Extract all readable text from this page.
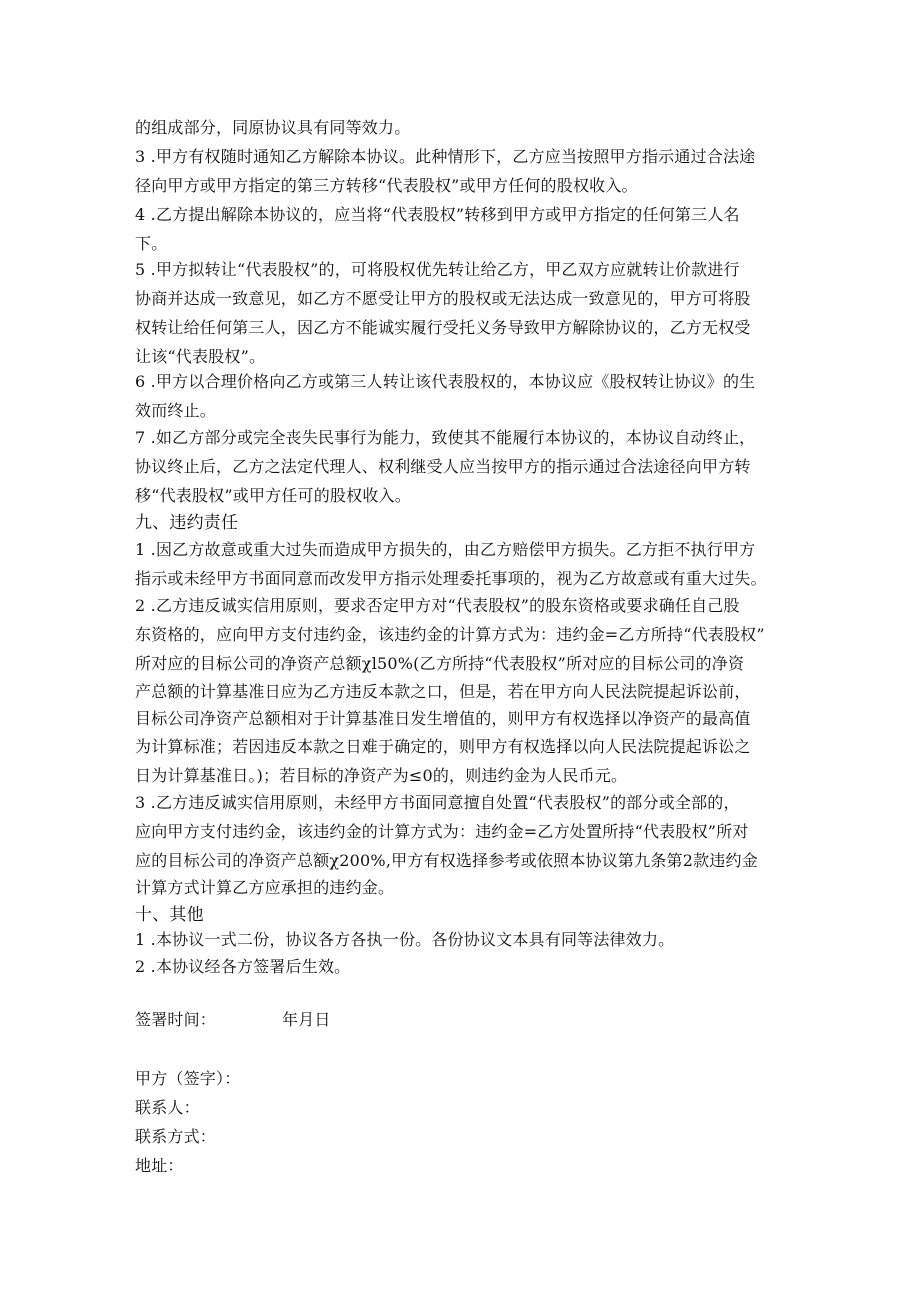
的组成部分，同原协议具有同等效力。
3 .甲方有权随时通知乙方解除本协议。此种情形下，乙方应当按照甲方指示通过合法途
径向甲方或甲方指定的第三方转移“代表股权”或甲方任何的股权收入。
4 .乙方提出解除本协议的，应当将“代表股权”转移到甲方或甲方指定的任何第三人名
下。
5 .甲方拟转让“代表股权”的，可将股权优先转让给乙方，甲乙双方应就转让价款进行
协商并达成一致意见，如乙方不愿受让甲方的股权或无法达成一致意见的，甲方可将股
权转让给任何第三人，因乙方不能诚实履行受托义务导致甲方解除协议的，乙方无权受
让该“代表股权”。
6 .甲方以合理价格向乙方或第三人转让该代表股权的，本协议应《股权转让协议》的生
效而终止。
7 .如乙方部分或完全丧失民事行为能力，致使其不能履行本协议的，本协议自动终止，
协议终止后，乙方之法定代理人、权利继受人应当按甲方的指示通过合法途径向甲方转
移“代表股权”或甲方任可的股权收入。
九、违约责任
1 .因乙方故意或重大过失而造成甲方损失的，由乙方赔偿甲方损失。乙方拒不执行甲方
指示或未经甲方书面同意而改发甲方指示处理委托事项的，视为乙方故意或有重大过失。
2 .乙方违反诚实信用原则，要求否定甲方对“代表股权”的股东资格或要求确任自己股
东资格的，应向甲方支付违约金，该违约金的计算方式为：违约金=乙方所持“代表股权”
所对应的目标公司的净资产总额χl50%(乙方所持“代表股权”所对应的目标公司的净资
产总额的计算基准日应为乙方违反本款之口，但是，若在甲方向人民法院提起诉讼前，
目标公司净资产总额相对于计算基准日发生增值的，则甲方有权选择以净资产的最高值
为计算标准；若因违反本款之日难于确定的，则甲方有权选择以向人民法院提起诉讼之
日为计算基准日。)；若目标的净资产为≤0的，则违约金为人民币元。
3 .乙方违反诚实信用原则，未经甲方书面同意擅自处置“代表股权”的部分或全部的，
应向甲方支付违约金，该违约金的计算方式为：违约金=乙方处置所持“代表股权”所对
应的目标公司的净资产总额χ200%,甲方有权选择参考或依照本协议第九条第2款违约金
计算方式计算乙方应承担的违约金。
十、其他
1 .本协议一式二份，协议各方各执一份。各份协议文本具有同等法律效力。
2 .本协议经各方签署后生效。
签署时间：	年月日
甲方（签字）：
联系人：
联系方式：
地址：
